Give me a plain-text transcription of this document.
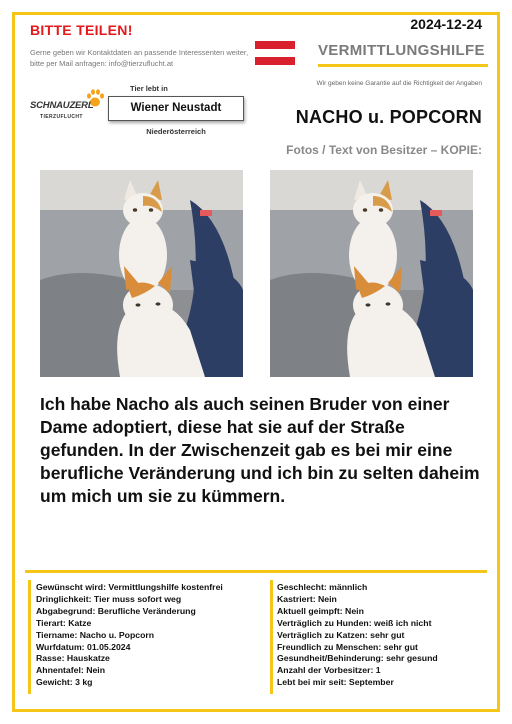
BITTE TEILEN!	2024-12-24
Gerne geben wir Kontaktdaten an passende Interessenten weiter, bitte per Mail anfragen: info@tierzuflucht.at
VERMITTLUNGSHILFE
Wir geben keine Garantie auf die Richtigkeit der Angaben
SCHNAUZERL
TIERZUFLUCHT
Tier lebt in
Wiener Neustadt
Niederösterreich
NACHO u. POPCORN
Fotos / Text von Besitzer – KOPIE:
Ich habe Nacho als auch seinen Bruder von einer Dame adoptiert, diese hat sie auf der Straße gefunden. In der Zwischenzeit gab es bei mir eine berufliche Veränderung und ich bin zu selten daheim um mich um sie zu kümmern.
Gewünscht wird: Vermittlungshilfe kostenfrei
Dringlichkeit: Tier muss sofort weg
Abgabegrund: Berufliche Veränderung
Tierart: Katze
Tiername: Nacho u. Popcorn
Wurfdatum: 01.05.2024
Rasse: Hauskatze
Ahnentafel: Nein
Gewicht: 3 kg
Geschlecht: männlich
Kastriert: Nein
Aktuell geimpft: Nein
Verträglich zu Hunden: weiß ich nicht
Verträglich zu Katzen: sehr gut
Freundlich zu Menschen: sehr gut
Gesundheit/Behinderung: sehr gesund
Anzahl der Vorbesitzer: 1
Lebt bei mir seit: September
